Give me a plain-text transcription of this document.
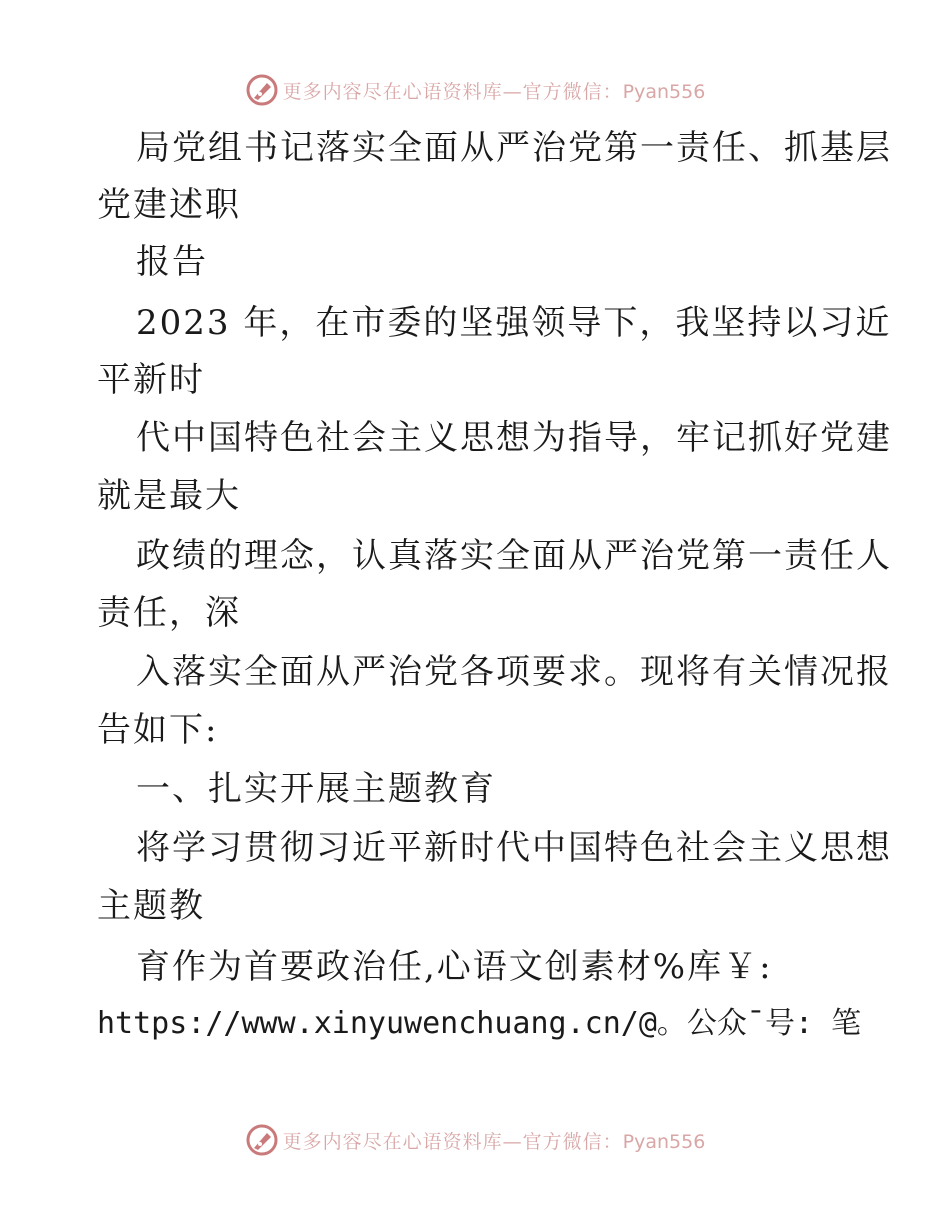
更多内容尽在心语资料库—官方微信：Pyan556
局党组书记落实全面从严治党第一责任、抓基层
党建述职
报告
2023 年，在市委的坚强领导下，我坚持以习近
平新时
代中国特色社会主义思想为指导，牢记抓好党建
就是最大
政绩的理念，认真落实全面从严治党第一责任人
责任，深
入落实全面从严治党各项要求。现将有关情况报
告如下:
一、扎实开展主题教育
将学习贯彻习近平新时代中国特色社会主义思想
主题教
育作为首要政治任,心语文创素材%库￥:
https://www.xinyuwenchuang.cn/@。公众¯号: 笔
更多内容尽在心语资料库—官方微信：Pyan556
